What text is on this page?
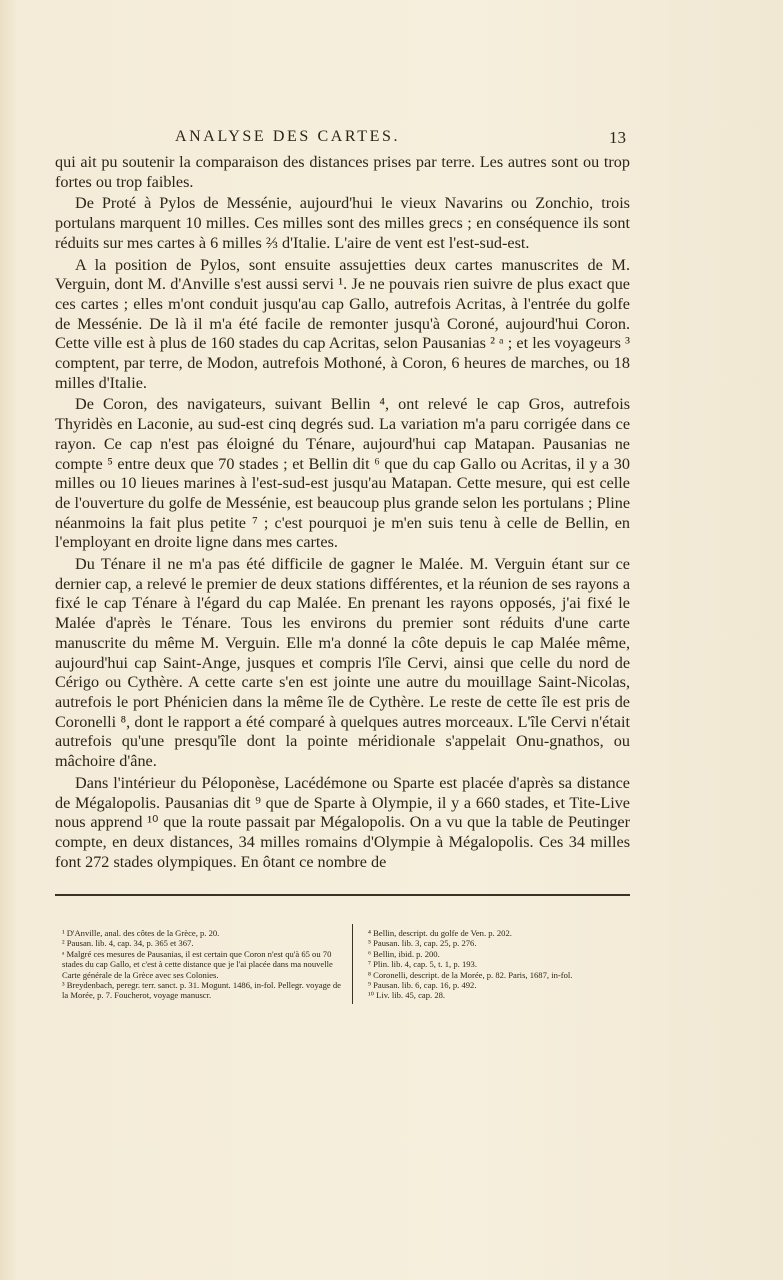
ANALYSE DES CARTES.	13

qui ait pu soutenir la comparaison des distances prises par terre. Les autres sont ou trop fortes ou trop faibles.

De Proté à Pylos de Messénie, aujourd'hui le vieux Navarins ou Zonchio, trois portulans marquent 10 milles. Ces milles sont des milles grecs ; en conséquence ils sont réduits sur mes cartes à 6 milles ⅔ d'Italie. L'aire de vent est l'est-sud-est.

A la position de Pylos, sont ensuite assujetties deux cartes manuscrites de M. Verguin, dont M. d'Anville s'est aussi servi ¹. Je ne pouvais rien suivre de plus exact que ces cartes ; elles m'ont conduit jusqu'au cap Gallo, autrefois Acritas, à l'entrée du golfe de Messénie. De là il m'a été facile de remonter jusqu'à Coroné, aujourd'hui Coron. Cette ville est à plus de 160 stades du cap Acritas, selon Pausanias ² ᵃ ; et les voyageurs ³ comptent, par terre, de Modon, autrefois Mothoné, à Coron, 6 heures de marches, ou 18 milles d'Italie.

De Coron, des navigateurs, suivant Bellin ⁴, ont relevé le cap Gros, autrefois Thyridès en Laconie, au sud-est cinq degrés sud. La variation m'a paru corrigée dans ce rayon. Ce cap n'est pas éloigné du Ténare, aujourd'hui cap Matapan. Pausanias ne compte ⁵ entre deux que 70 stades ; et Bellin dit ⁶ que du cap Gallo ou Acritas, il y a 30 milles ou 10 lieues marines à l'est-sud-est jusqu'au Matapan. Cette mesure, qui est celle de l'ouverture du golfe de Messénie, est beaucoup plus grande selon les portulans ; Pline néanmoins la fait plus petite ⁷ ; c'est pourquoi je m'en suis tenu à celle de Bellin, en l'employant en droite ligne dans mes cartes.

Du Ténare il ne m'a pas été difficile de gagner le Malée. M. Verguin étant sur ce dernier cap, a relevé le premier de deux stations différentes, et la réunion de ses rayons a fixé le cap Ténare à l'égard du cap Malée. En prenant les rayons opposés, j'ai fixé le Malée d'après le Ténare. Tous les environs du premier sont réduits d'une carte manuscrite du même M. Verguin. Elle m'a donné la côte depuis le cap Malée même, aujourd'hui cap Saint-Ange, jusques et compris l'île Cervi, ainsi que celle du nord de Cérigo ou Cythère. A cette carte s'en est jointe une autre du mouillage Saint-Nicolas, autrefois le port Phénicien dans la même île de Cythère. Le reste de cette île est pris de Coronelli ⁸, dont le rapport a été comparé à quelques autres morceaux. L'île Cervi n'était autrefois qu'une presqu'île dont la pointe méridionale s'appelait Onu-gnathos, ou mâchoire d'âne.

Dans l'intérieur du Péloponèse, Lacédémone ou Sparte est placée d'après sa distance de Mégalopolis. Pausanias dit ⁹ que de Sparte à Olympie, il y a 660 stades, et Tite-Live nous apprend ¹⁰ que la route passait par Mégalopolis. On a vu que la table de Peutinger compte, en deux distances, 34 milles romains d'Olympie à Mégalopolis. Ces 34 milles font 272 stades olympiques. En ôtant ce nombre de

¹ D'Anville, anal. des côtes de la Grèce, p. 20.

² Pausan. lib. 4, cap. 34, p. 365 et 367.

ᵃ Malgré ces mesures de Pausanias, il est certain que Coron n'est qu'à 65 ou 70 stades du cap Gallo, et c'est à cette distance que je l'ai placée dans ma nouvelle Carte générale de la Grèce avec ses Colonies.

³ Breydenbach, peregr. terr. sanct. p. 31. Mogunt. 1486, in-fol. Pellegr. voyage de la Morée, p. 7. Foucherot, voyage manuscr.

⁴ Bellin, descript. du golfe de Ven. p. 202.

⁵ Pausan. lib. 3, cap. 25, p. 276.

⁶ Bellin, ibid. p. 200.

⁷ Plin. lib. 4, cap. 5, t. 1, p. 193.

⁸ Coronelli, descript. de la Morée, p. 82. Paris, 1687, in-fol.

⁹ Pausan. lib. 6, cap. 16, p. 492.

¹⁰ Liv. lib. 45, cap. 28.
